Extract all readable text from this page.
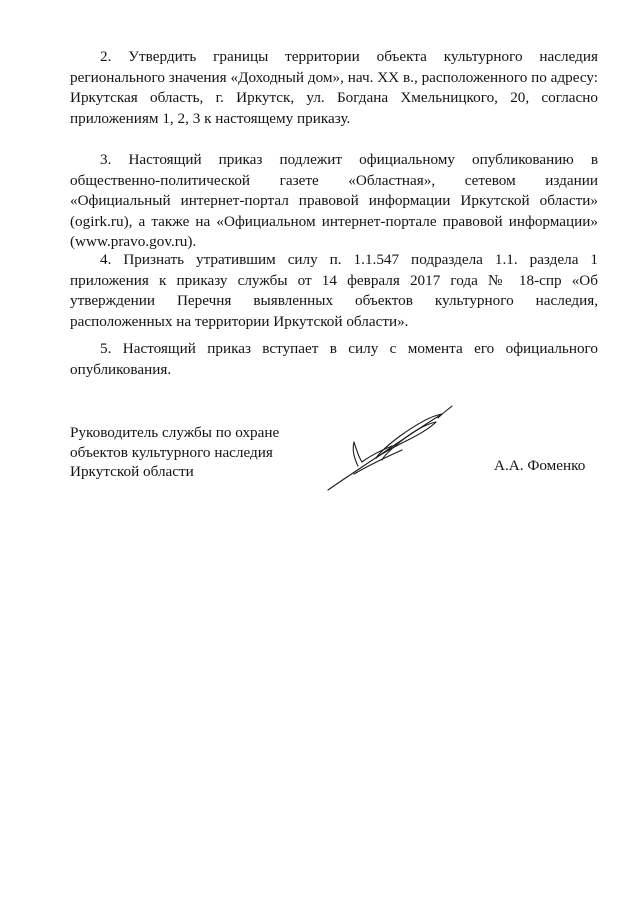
2. Утвердить границы территории объекта культурного наследия регионального значения «Доходный дом», нач. ХХ в., расположенного по адресу: Иркутская область, г. Иркутск, ул. Богдана Хмельницкого, 20, согласно приложениям 1, 2, 3 к настоящему приказу.

3. Настоящий приказ подлежит официальному опубликованию в общественно-политической газете «Областная», сетевом издании «Официальный интернет-портал правовой информации Иркутской области» (ogirk.ru), а также на «Официальном интернет-портале правовой информации» (www.pravo.gov.ru).

4. Признать утратившим силу п. 1.1.547 подраздела 1.1. раздела 1 приложения к приказу службы от 14 февраля 2017 года № 18-спр «Об утверждении Перечня выявленных объектов культурного наследия, расположенных на территории Иркутской области».

5. Настоящий приказ вступает в силу с момента его официального опубликования.

Руководитель службы по охране
объектов культурного наследия
Иркутской области	А.А. Фоменко
